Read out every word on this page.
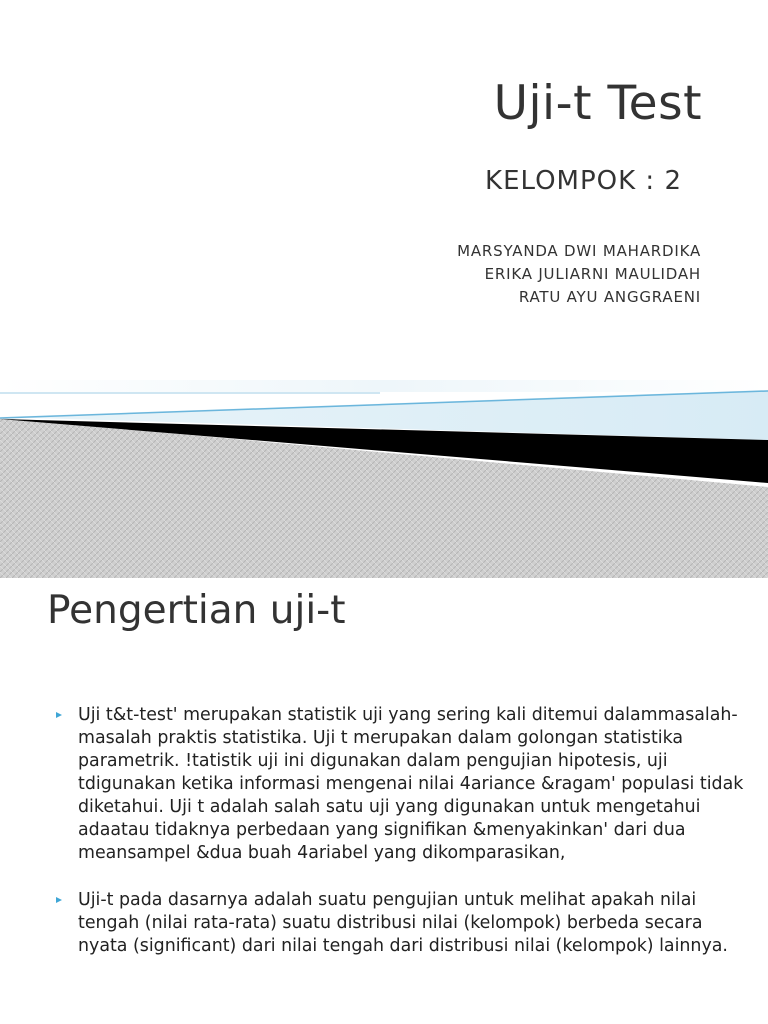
Uji-t Test
KELOMPOK : 2
MARSYANDA DWI MAHARDIKA
ERIKA JULIARNI MAULIDAH
RATU AYU ANGGRAENI
Pengertian uji-t
Uji t&t-test' merupakan statistik uji yang sering kali ditemui dalammasalah-masalah praktis statistika. Uji t merupakan dalam golongan statistika parametrik. !tatistik uji ini digunakan dalam pengujian hipotesis, uji tdigunakan ketika informasi mengenai nilai 4ariance &ragam' populasi tidak diketahui. Uji t adalah salah satu uji yang digunakan untuk mengetahui adaatau tidaknya perbedaan yang signifikan &menyakinkan' dari dua meansampel &dua buah 4ariabel yang dikomparasikan,
Uji-t pada dasarnya adalah suatu pengujian untuk melihat apakah nilai tengah (nilai rata-rata) suatu distribusi nilai (kelompok) berbeda secara nyata (significant) dari nilai tengah dari distribusi nilai (kelompok) lainnya.
